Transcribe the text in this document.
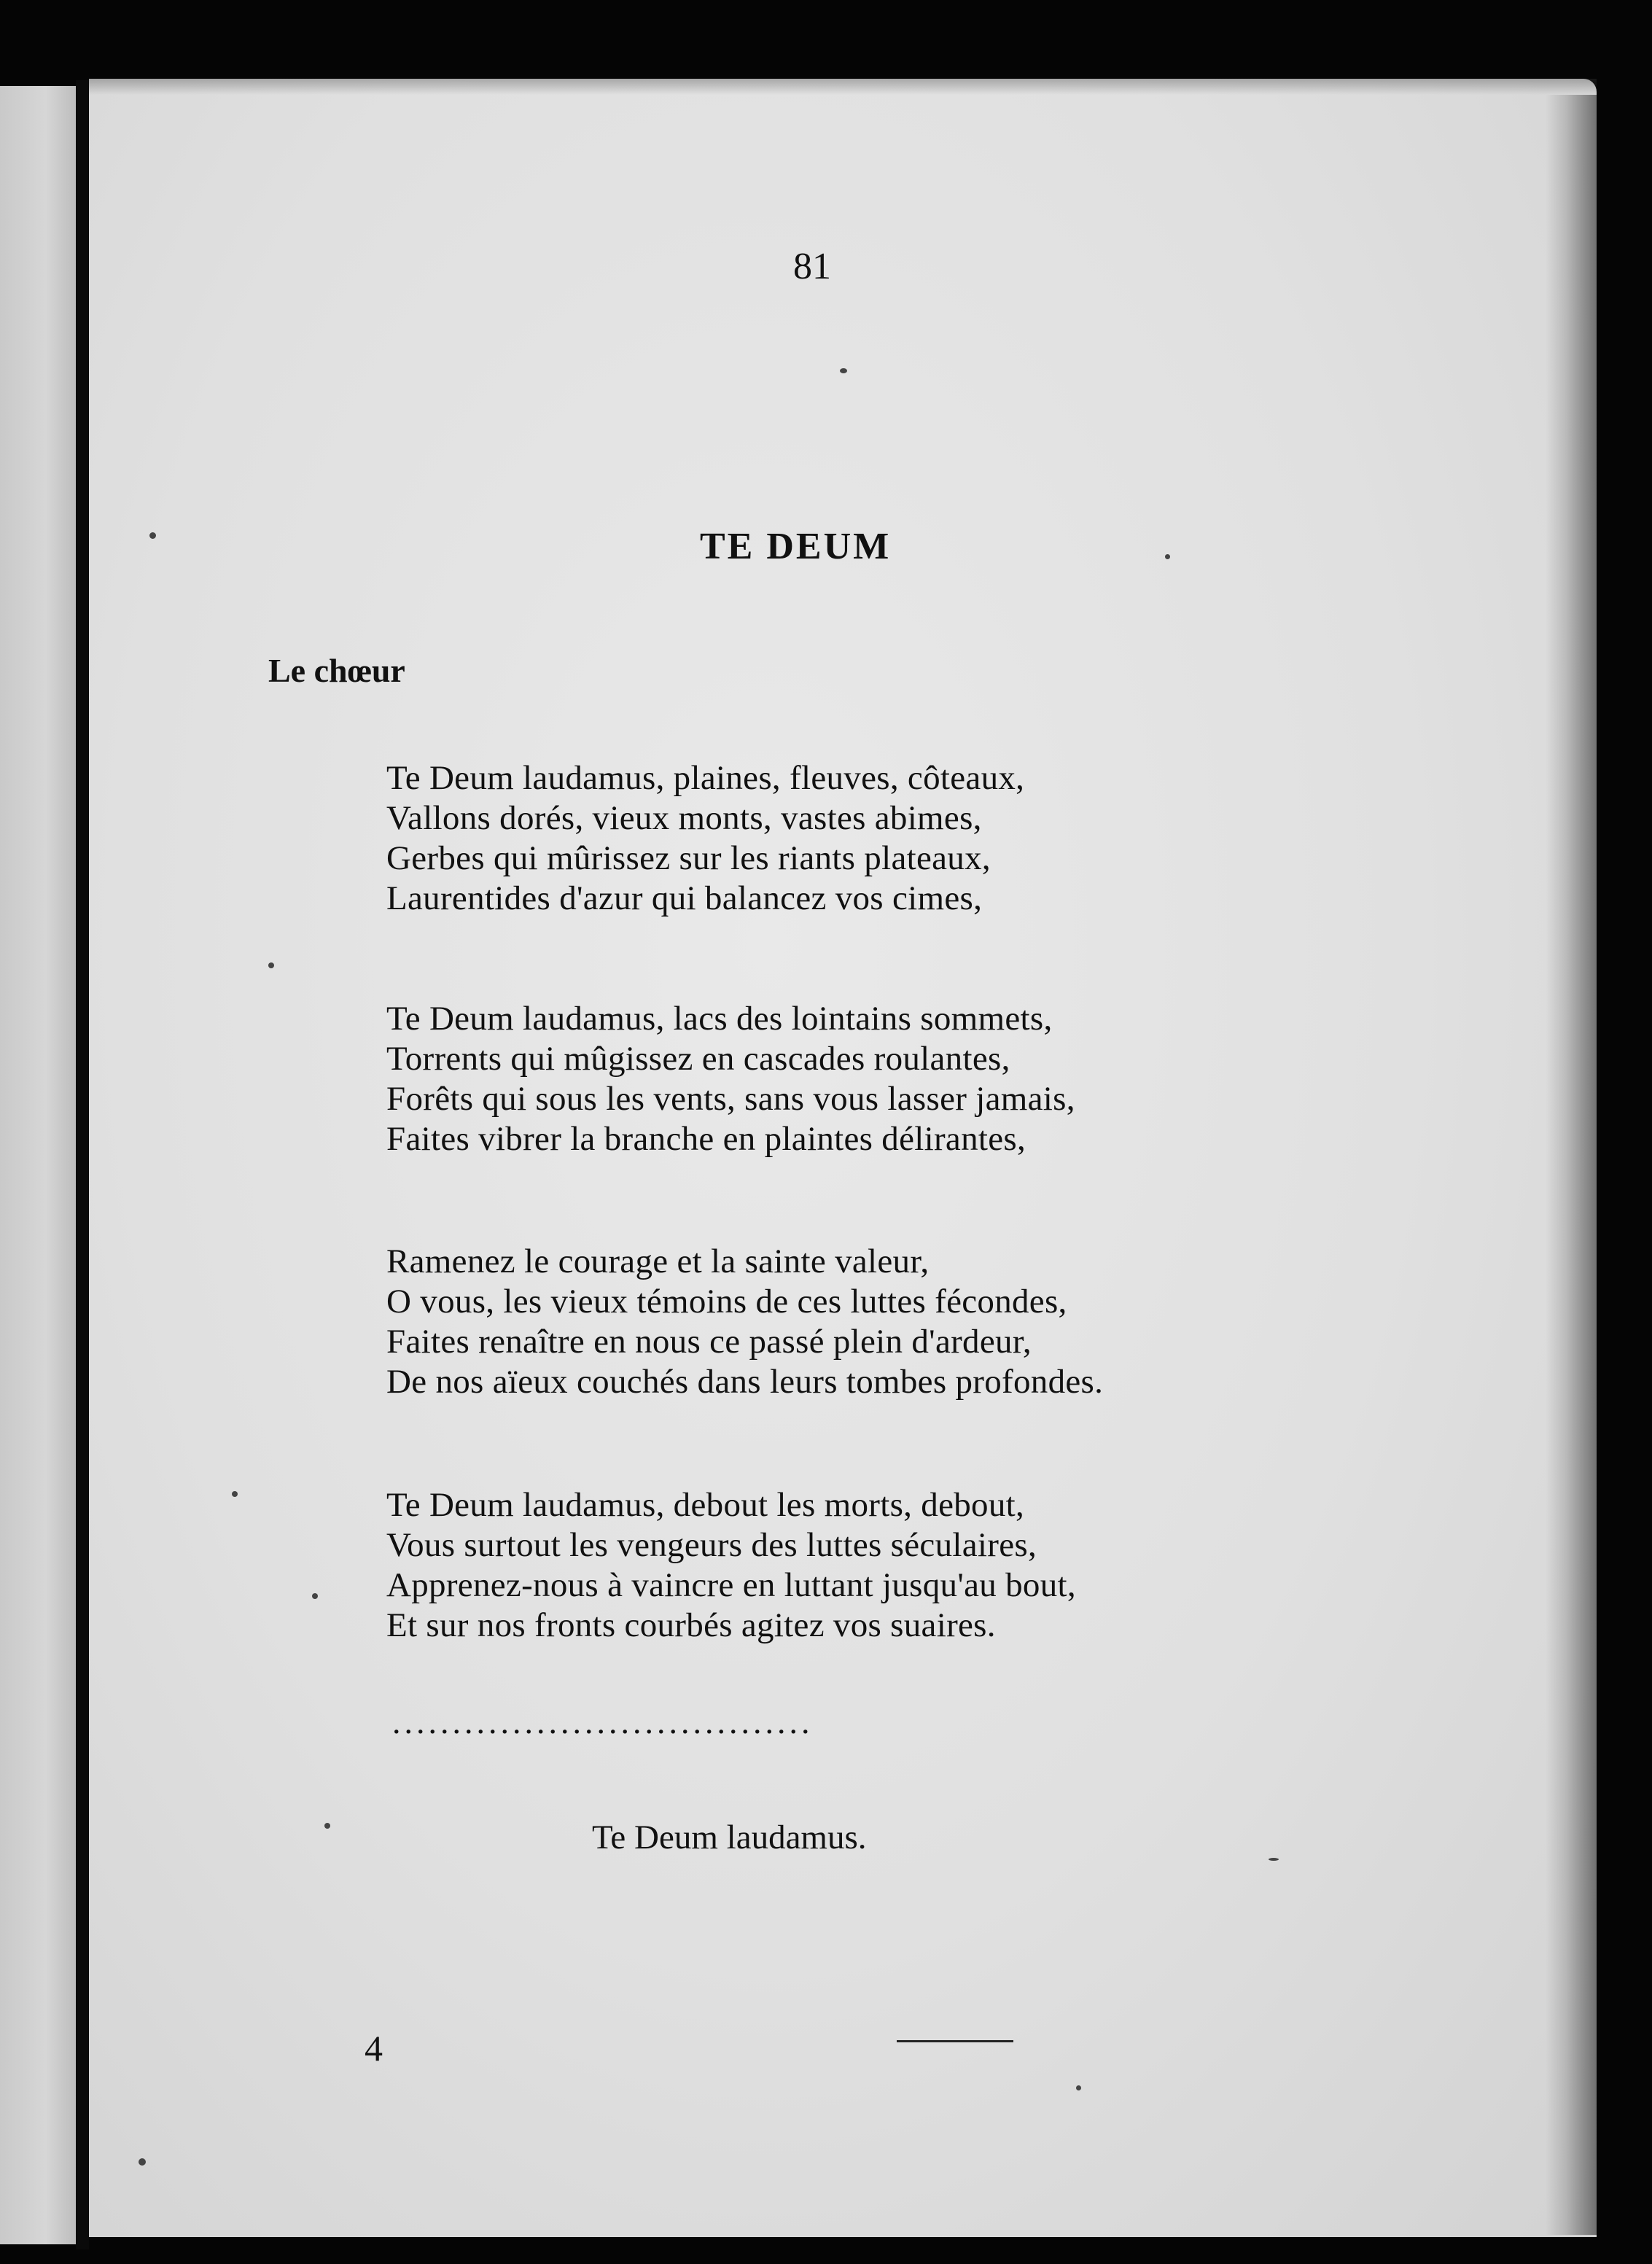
81

TE DEUM

Le chœur

Te Deum laudamus, plaines, fleuves, côteaux,

Vallons dorés, vieux monts, vastes abimes,

Gerbes qui mûrissez sur les riants plateaux,

Laurentides d'azur qui balancez vos cimes,

Te Deum laudamus, lacs des lointains sommets,

Torrents qui mûgissez en cascades roulantes,

Forêts qui sous les vents, sans vous lasser jamais,

Faites vibrer la branche en plaintes délirantes,

Ramenez le courage et la sainte valeur,

O vous, les vieux témoins de ces luttes fécondes,

Faites renaître en nous ce passé plein d'ardeur,

De nos aïeux couchés dans leurs tombes profondes.

Te Deum laudamus, debout les morts, debout,

Vous surtout les vengeurs des luttes séculaires,

Apprenez-nous à vaincre en luttant jusqu'au bout,

Et sur nos fronts courbés agitez vos suaires.

...................................

Te Deum laudamus.

4
